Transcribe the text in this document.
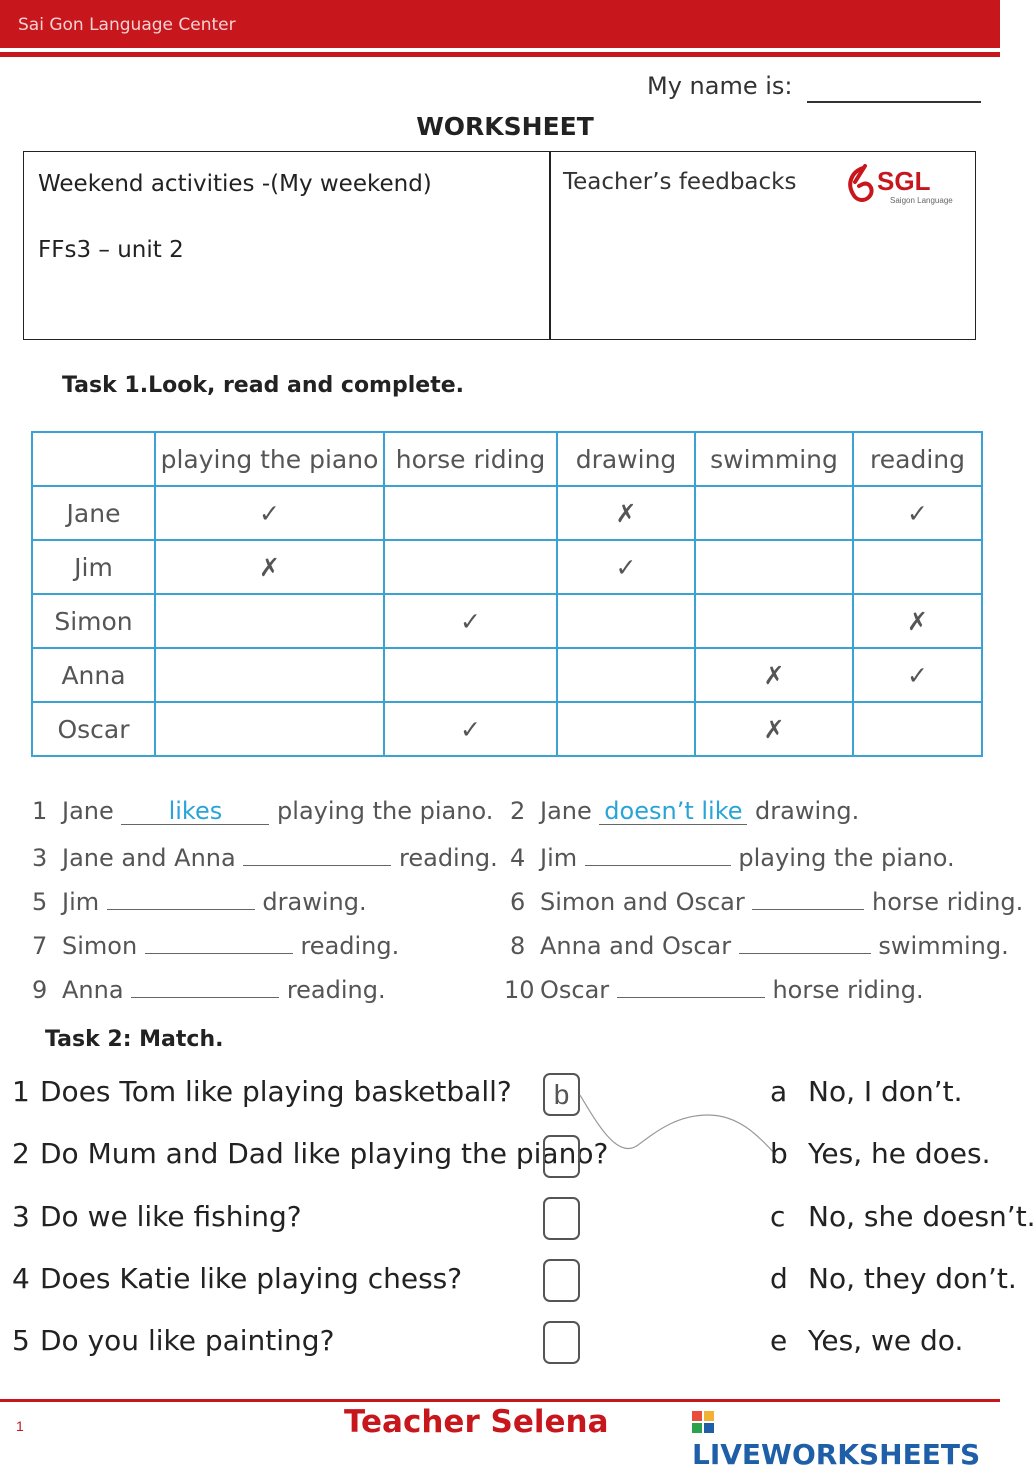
Sai Gon Language Center
My name is:
WORKSHEET
Weekend activities -(My weekend)
FFs3 – unit 2
Teacher’s feedbacks	SGL
Saigon Language
Task 1.Look, read and complete.
	playing the piano	horse riding	drawing	swimming	reading
Jane	✓		✗		✓
Jim	✗		✓		
Simon		✓			✗
Anna				✗	✓
Oscar		✓		✗	
1 Jane likes playing the piano.
3 Jane and Anna	reading.
5 Jim	drawing.
7 Simon	reading.
9 Anna	reading.
2 Jane doesn’t like drawing.
4 Jim	playing the piano.
6 Simon and Oscar	horse riding.
8 Anna and Oscar	swimming.
10 Oscar	horse riding.
Task 2: Match.
1 Does Tom like playing basketball?
2 Do Mum and Dad like playing the piano?
3 Do we like fishing?
4 Does Katie like playing chess?
5 Do you like painting?
b	a No, I don’t.
b Yes, he does.
c No, she doesn’t.
d No, they don’t.
e Yes, we do.
1	Teacher Selena
LIVEWORKSHEETS
